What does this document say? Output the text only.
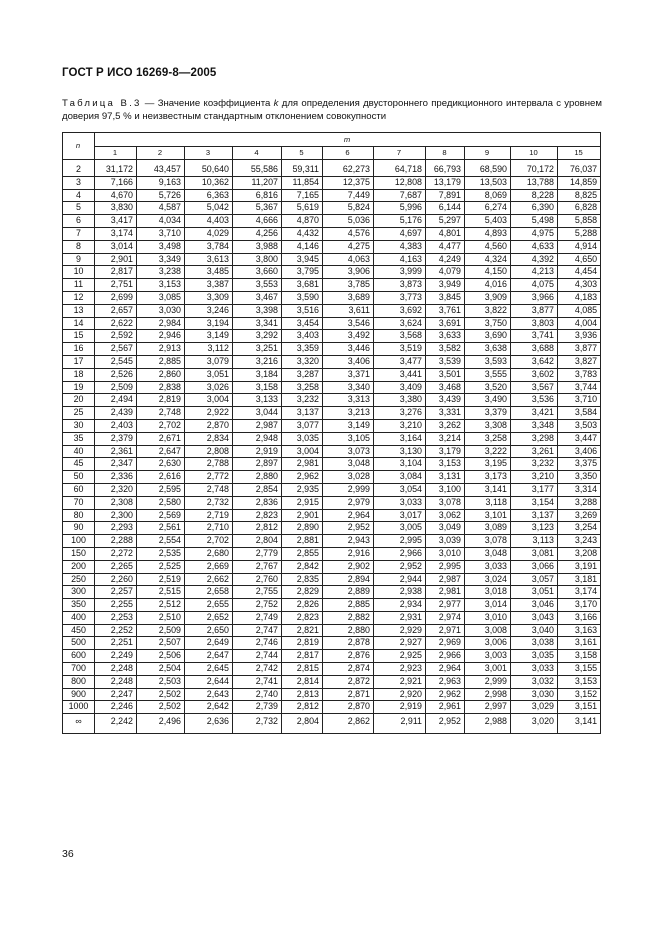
ГОСТ Р ИСО 16269-8—2005
Таблица В.3 — Значение коэффициента k для определения двустороннего предикционного интервала с уровнем доверия 97,5 % и неизвестным стандартным отклонением совокупности
n	m										
	1	2	3	4	5	6	7	8	9	10	15
2	31,172	43,457	50,640	55,586	59,311	62,273	64,718	66,793	68,590	70,172	76,037
3	7,166	9,163	10,362	11,207	11,854	12,375	12,808	13,179	13,503	13,788	14,859
4	4,670	5,726	6,363	6,816	7,165	7,449	7,687	7,891	8,069	8,228	8,825
5	3,830	4,587	5,042	5,367	5,619	5,824	5,996	6,144	6,274	6,390	6,828
6	3,417	4,034	4,403	4,666	4,870	5,036	5,176	5,297	5,403	5,498	5,858
7	3,174	3,710	4,029	4,256	4,432	4,576	4,697	4,801	4,893	4,975	5,288
8	3,014	3,498	3,784	3,988	4,146	4,275	4,383	4,477	4,560	4,633	4,914
9	2,901	3,349	3,613	3,800	3,945	4,063	4,163	4,249	4,324	4,392	4,650
10	2,817	3,238	3,485	3,660	3,795	3,906	3,999	4,079	4,150	4,213	4,454
11	2,751	3,153	3,387	3,553	3,681	3,785	3,873	3,949	4,016	4,075	4,303
12	2,699	3,085	3,309	3,467	3,590	3,689	3,773	3,845	3,909	3,966	4,183
13	2,657	3,030	3,246	3,398	3,516	3,611	3,692	3,761	3,822	3,877	4,085
14	2,622	2,984	3,194	3,341	3,454	3,546	3,624	3,691	3,750	3,803	4,004
15	2,592	2,946	3,149	3,292	3,403	3,492	3,568	3,633	3,690	3,741	3,936
16	2,567	2,913	3,112	3,251	3,359	3,446	3,519	3,582	3,638	3,688	3,877
17	2,545	2,885	3,079	3,216	3,320	3,406	3,477	3,539	3,593	3,642	3,827
18	2,526	2,860	3,051	3,184	3,287	3,371	3,441	3,501	3,555	3,602	3,783
19	2,509	2,838	3,026	3,158	3,258	3,340	3,409	3,468	3,520	3,567	3,744
20	2,494	2,819	3,004	3,133	3,232	3,313	3,380	3,439	3,490	3,536	3,710
25	2,439	2,748	2,922	3,044	3,137	3,213	3,276	3,331	3,379	3,421	3,584
30	2,403	2,702	2,870	2,987	3,077	3,149	3,210	3,262	3,308	3,348	3,503
35	2,379	2,671	2,834	2,948	3,035	3,105	3,164	3,214	3,258	3,298	3,447
40	2,361	2,647	2,808	2,919	3,004	3,073	3,130	3,179	3,222	3,261	3,406
45	2,347	2,630	2,788	2,897	2,981	3,048	3,104	3,153	3,195	3,232	3,375
50	2,336	2,616	2,772	2,880	2,962	3,028	3,084	3,131	3,173	3,210	3,350
60	2,320	2,595	2,748	2,854	2,935	2,999	3,054	3,100	3,141	3,177	3,314
70	2,308	2,580	2,732	2,836	2,915	2,979	3,033	3,078	3,118	3,154	3,288
80	2,300	2,569	2,719	2,823	2,901	2,964	3,017	3,062	3,101	3,137	3,269
90	2,293	2,561	2,710	2,812	2,890	2,952	3,005	3,049	3,089	3,123	3,254
100	2,288	2,554	2,702	2,804	2,881	2,943	2,995	3,039	3,078	3,113	3,243
150	2,272	2,535	2,680	2,779	2,855	2,916	2,966	3,010	3,048	3,081	3,208
200	2,265	2,525	2,669	2,767	2,842	2,902	2,952	2,995	3,033	3,066	3,191
250	2,260	2,519	2,662	2,760	2,835	2,894	2,944	2,987	3,024	3,057	3,181
300	2,257	2,515	2,658	2,755	2,829	2,889	2,938	2,981	3,018	3,051	3,174
350	2,255	2,512	2,655	2,752	2,826	2,885	2,934	2,977	3,014	3,046	3,170
400	2,253	2,510	2,652	2,749	2,823	2,882	2,931	2,974	3,010	3,043	3,166
450	2,252	2,509	2,650	2,747	2,821	2,880	2,929	2,971	3,008	3,040	3,163
500	2,251	2,507	2,649	2,746	2,819	2,878	2,927	2,969	3,006	3,038	3,161
600	2,249	2,506	2,647	2,744	2,817	2,876	2,925	2,966	3,003	3,035	3,158
700	2,248	2,504	2,645	2,742	2,815	2,874	2,923	2,964	3,001	3,033	3,155
800	2,248	2,503	2,644	2,741	2,814	2,872	2,921	2,963	2,999	3,032	3,153
900	2,247	2,502	2,643	2,740	2,813	2,871	2,920	2,962	2,998	3,030	3,152
1000	2,246	2,502	2,642	2,739	2,812	2,870	2,919	2,961	2,997	3,029	3,151
∞	2,242	2,496	2,636	2,732	2,804	2,862	2,911	2,952	2,988	3,020	3,141
36
